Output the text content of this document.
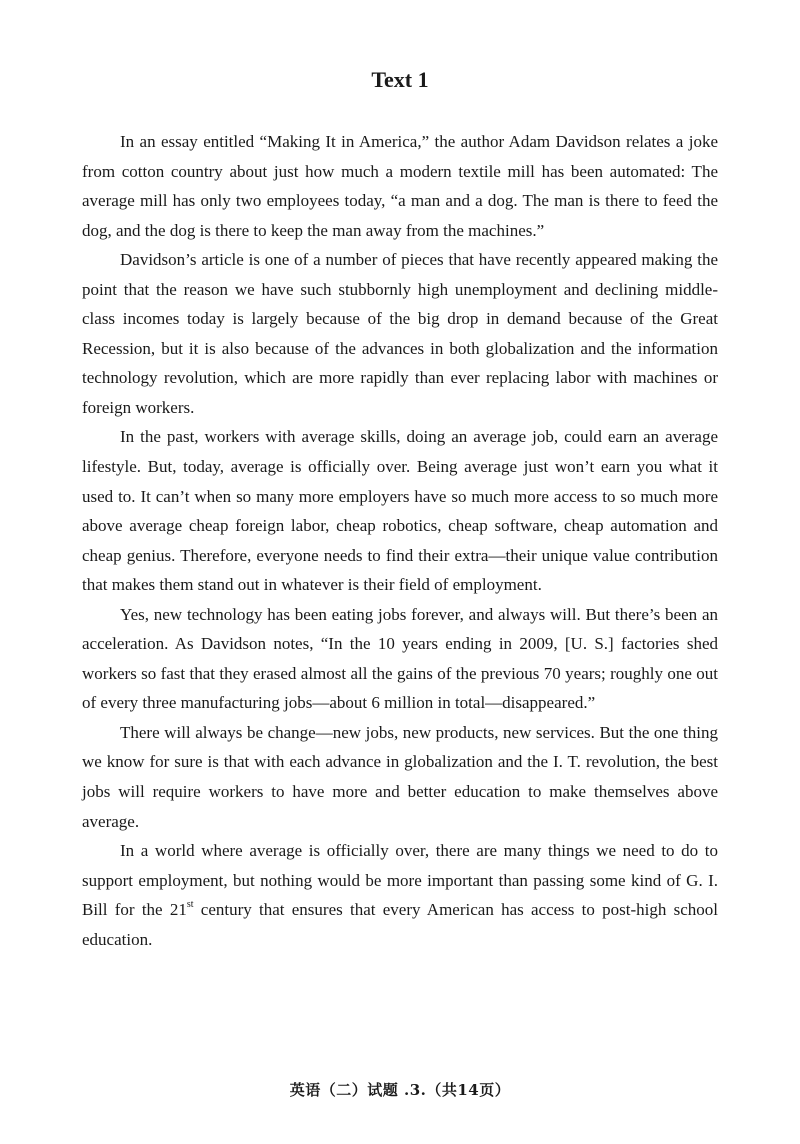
Text 1

In an essay entitled “Making It in America,” the author Adam Davidson relates a joke from cotton country about just how much a modern textile mill has been automated: The average mill has only two employees today, “a man and a dog. The man is there to feed the dog, and the dog is there to keep the man away from the machines.”

Davidson’s article is one of a number of pieces that have recently appeared making the point that the reason we have such stubbornly high unemployment and declining middle-class incomes today is largely because of the big drop in demand because of the Great Recession, but it is also because of the advances in both globalization and the information technology revolution, which are more rapidly than ever replacing labor with machines or foreign workers.

In the past, workers with average skills, doing an average job, could earn an average lifestyle. But, today, average is officially over. Being average just won’t earn you what it used to. It can’t when so many more employers have so much more access to so much more above average cheap foreign labor, cheap robotics, cheap software, cheap automation and cheap genius. Therefore, everyone needs to find their extra—their unique value contribution that makes them stand out in whatever is their field of employment.

Yes, new technology has been eating jobs forever, and always will. But there’s been an acceleration. As Davidson notes, “In the 10 years ending in 2009, [U. S.] factories shed workers so fast that they erased almost all the gains of the previous 70 years; roughly one out of every three manufacturing jobs—about 6 million in total—disappeared.”

There will always be change—new jobs, new products, new services. But the one thing we know for sure is that with each advance in globalization and the I. T. revolution, the best jobs will require workers to have more and better education to make themselves above average.

In a world where average is officially over, there are many things we need to do to support employment, but nothing would be more important than passing some kind of G. I. Bill for the 21st century that ensures that every American has access to post-high school education.

英语（二）试题 .3.（共14页）
